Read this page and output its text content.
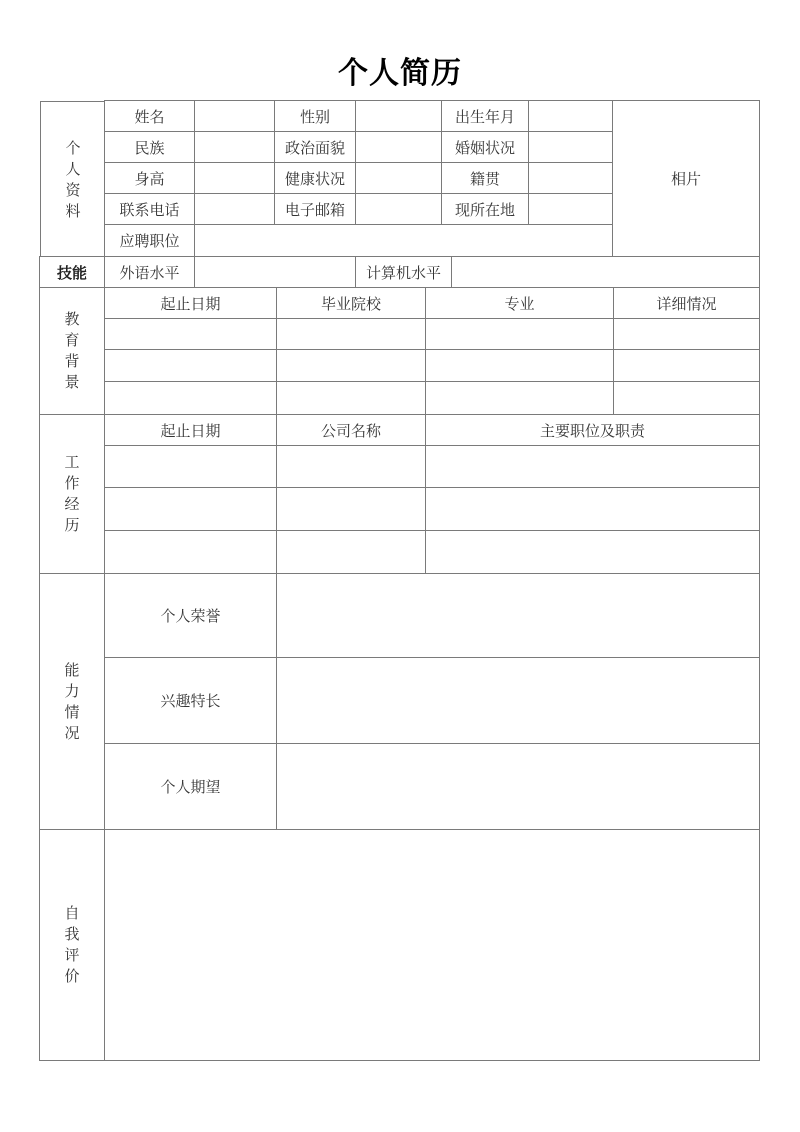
个人简历
个
人
资
料
姓名	性别	出生年月
民族	政治面貌	婚姻状况
身高	健康状况	籍贯
联系电话	电子邮箱	现所在地
应聘职位
相片
技能	外语水平	计算机水平
教
育
背
景
起止日期	毕业院校	专业	详细情况
工
作
经
历
起止日期	公司名称	主要职位及职责
能
力
情
况
个人荣誉
兴趣特长
个人期望
自
我
评
价
